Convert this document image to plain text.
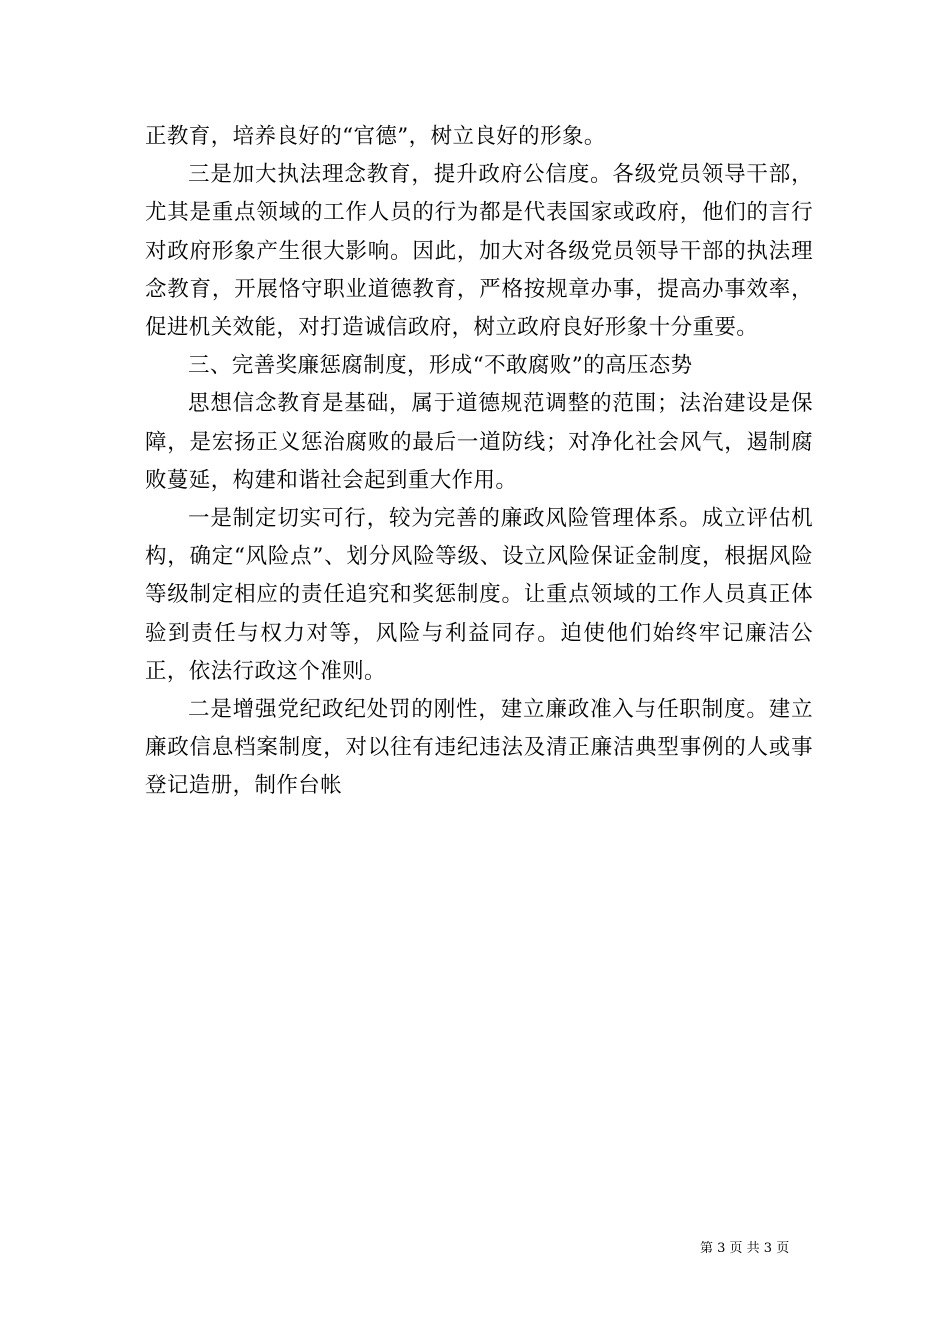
正教育，培养良好的“官德”，树立良好的形象。

三是加大执法理念教育，提升政府公信度。各级党员领导干部，尤其是重点领域的工作人员的行为都是代表国家或政府，他们的言行对政府形象产生很大影响。因此，加大对各级党员领导干部的执法理念教育，开展恪守职业道德教育，严格按规章办事，提高办事效率，促进机关效能，对打造诚信政府，树立政府良好形象十分重要。

三、完善奖廉惩腐制度，形成“不敢腐败”的高压态势

思想信念教育是基础，属于道德规范调整的范围；法治建设是保障，是宏扬正义惩治腐败的最后一道防线；对净化社会风气，遏制腐败蔓延，构建和谐社会起到重大作用。

一是制定切实可行，较为完善的廉政风险管理体系。成立评估机构，确定“风险点”、划分风险等级、设立风险保证金制度，根据风险等级制定相应的责任追究和奖惩制度。让重点领域的工作人员真正体验到责任与权力对等，风险与利益同存。迫使他们始终牢记廉洁公正，依法行政这个准则。

二是增强党纪政纪处罚的刚性，建立廉政准入与任职制度。建立廉政信息档案制度，对以往有违纪违法及清正廉洁典型事例的人或事登记造册，制作台帐

第 3 页 共 3 页
